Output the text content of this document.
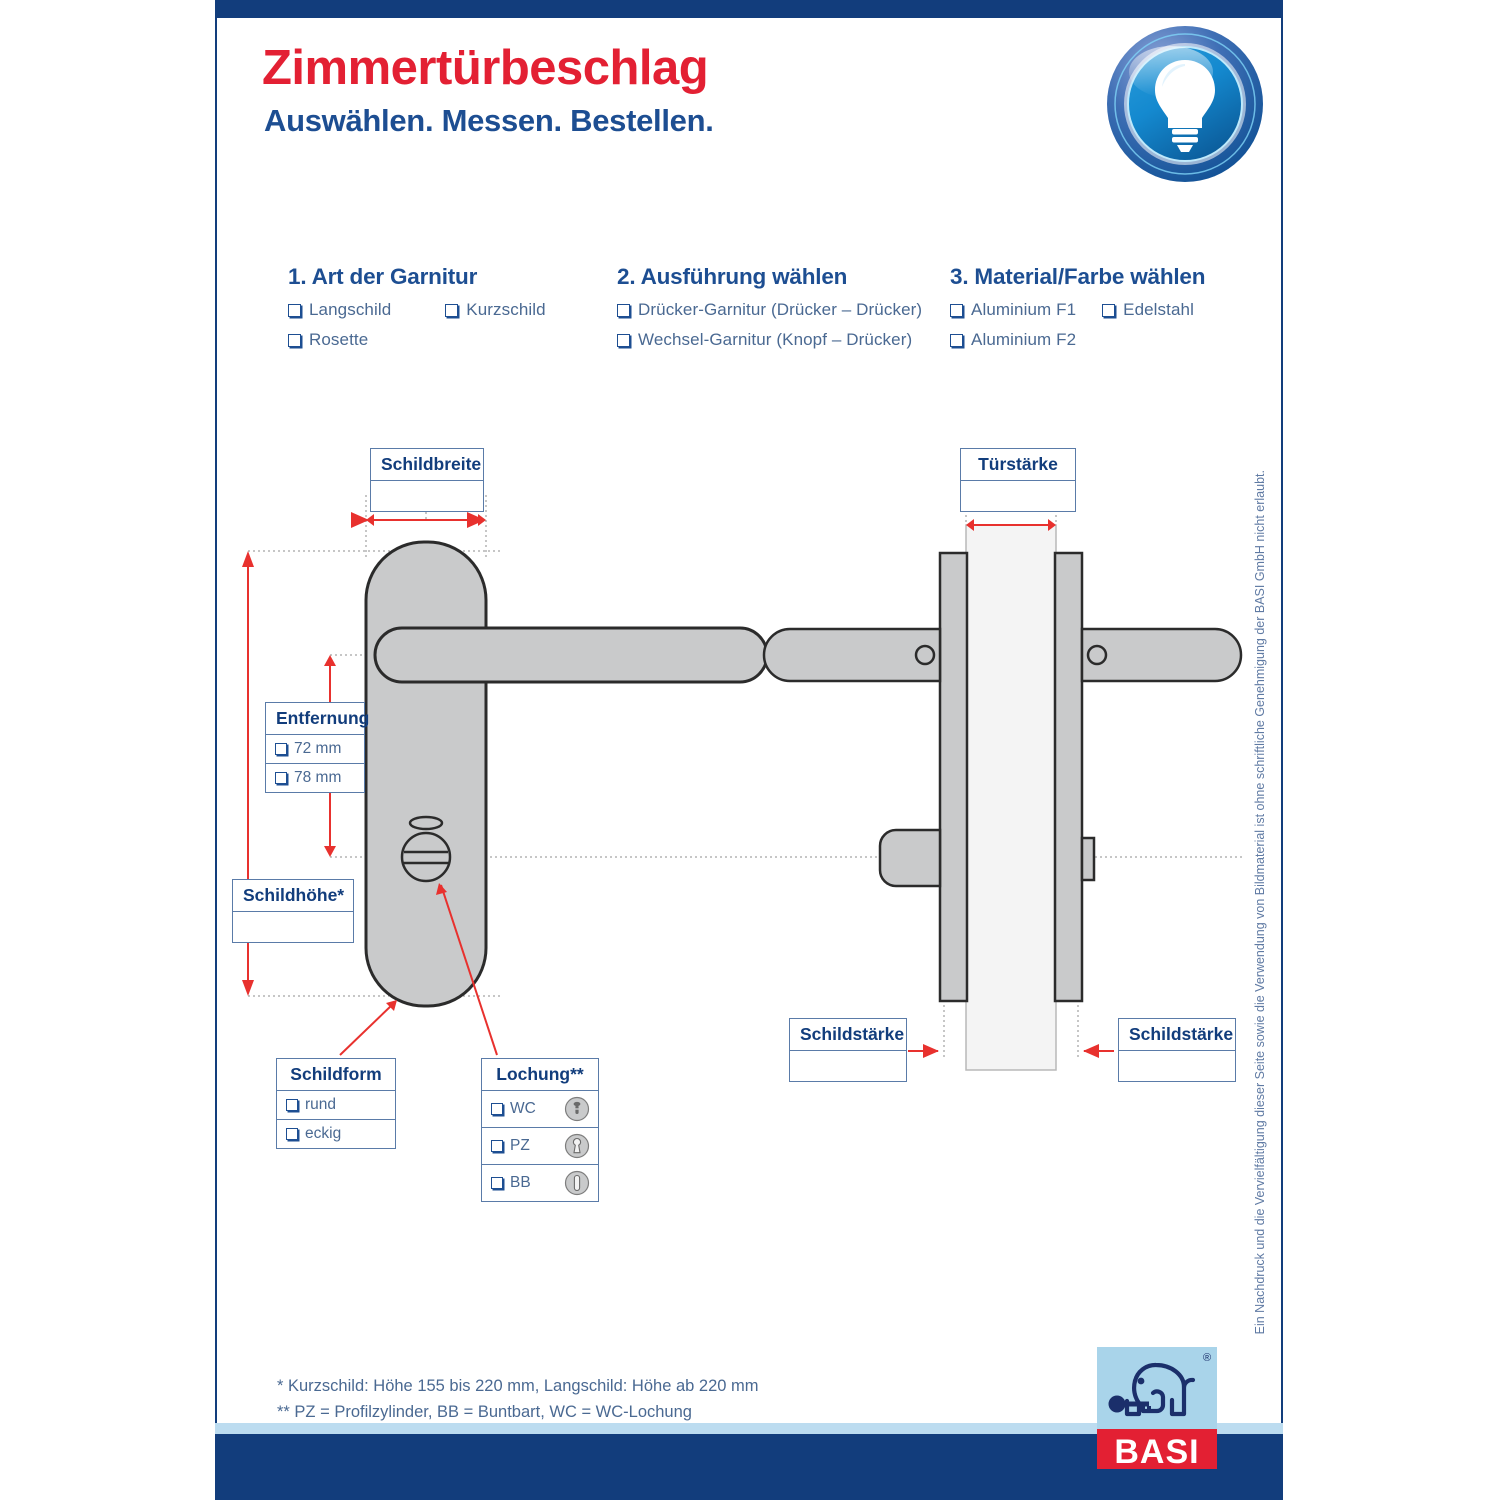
Zimmertürbeschlag
Auswählen. Messen. Bestellen.
1. Art der Garnitur
Langschild	Kurzschild
Rosette
2. Ausführung wählen
Drücker-Garnitur (Drücker – Drücker)
Wechsel-Garnitur (Knopf – Drücker)
3. Material/Farbe wählen
Aluminium F1	Edelstahl
Aluminium F2
Schildbreite	Türstärke
Entfernung
72 mm
78 mm
Schildhöhe*
Schildform
rund
eckig
Lochung**
WC
PZ
BB
Schildstärke	Schildstärke
* Kurzschild: Höhe 155 bis 220 mm, Langschild: Höhe ab 220 mm
** PZ = Profilzylinder, BB = Buntbart, WC = WC-Lochung
Ein Nachdruck und die Vervielfältigung dieser Seite sowie die Verwendung von Bildmaterial ist ohne schriftliche Genehmigung der BASI GmbH nicht erlaubt.
®
BASI
